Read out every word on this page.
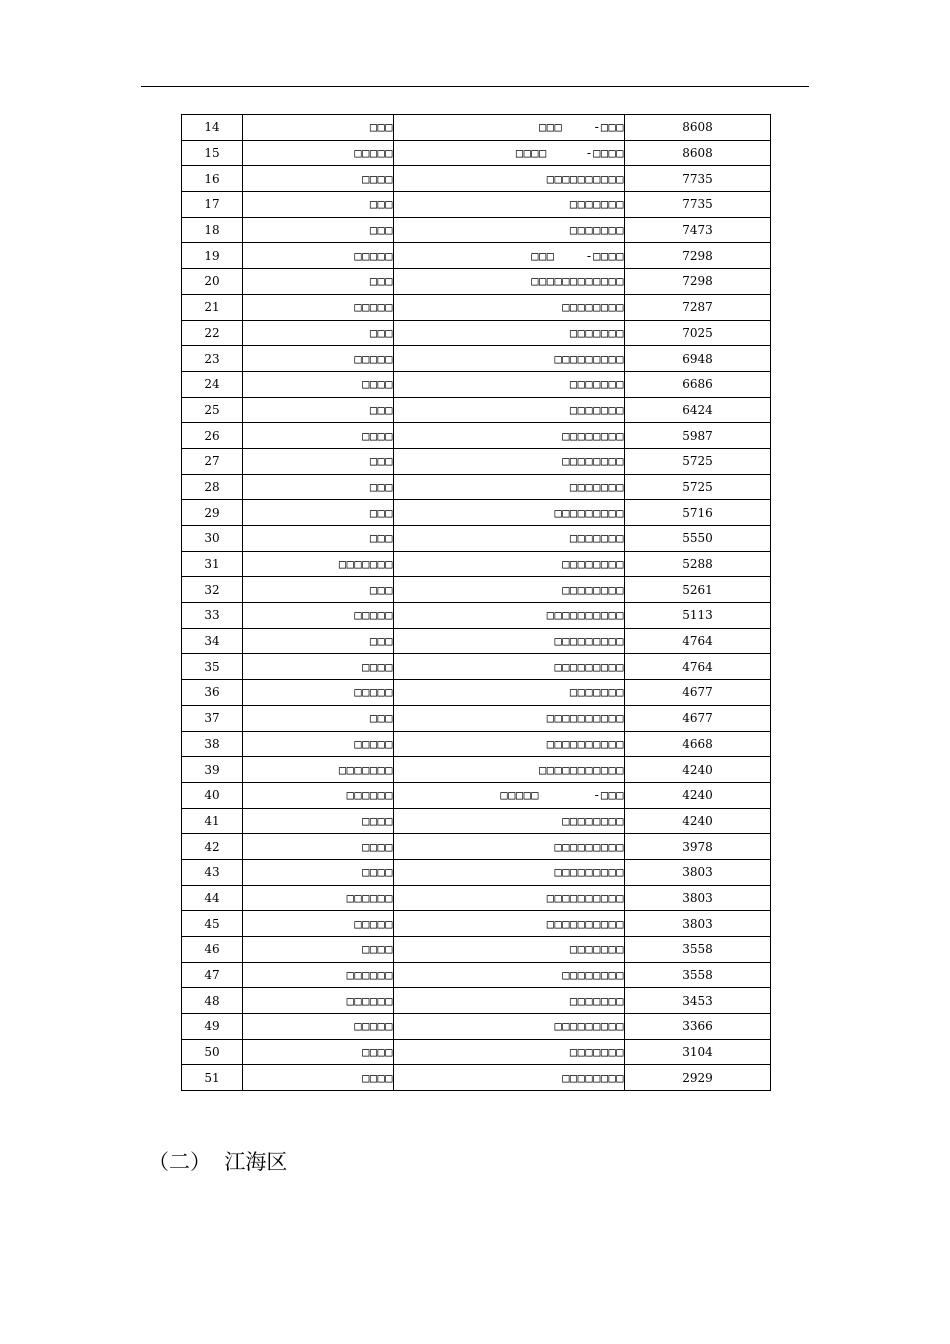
14	□□□	□□□    -□□□	8608
15	□□□□□	□□□□     -□□□□	8608
16	□□□□	□□□□□□□□□□	7735
17	□□□	□□□□□□□	7735
18	□□□	□□□□□□□	7473
19	□□□□□	□□□    -□□□□	7298
20	□□□	□□□□□□□□□□□□	7298
21	□□□□□	□□□□□□□□	7287
22	□□□	□□□□□□□	7025
23	□□□□□	□□□□□□□□□	6948
24	□□□□	□□□□□□□	6686
25	□□□	□□□□□□□	6424
26	□□□□	□□□□□□□□	5987
27	□□□	□□□□□□□□	5725
28	□□□	□□□□□□□	5725
29	□□□	□□□□□□□□□	5716
30	□□□	□□□□□□□	5550
31	□□□□□□□	□□□□□□□□	5288
32	□□□	□□□□□□□□	5261
33	□□□□□	□□□□□□□□□□	5113
34	□□□	□□□□□□□□□	4764
35	□□□□	□□□□□□□□□	4764
36	□□□□□	□□□□□□□	4677
37	□□□	□□□□□□□□□□	4677
38	□□□□□	□□□□□□□□□□	4668
39	□□□□□□□	□□□□□□□□□□□	4240
40	□□□□□□	□□□□□       -□□□	4240
41	□□□□	□□□□□□□□	4240
42	□□□□	□□□□□□□□□	3978
43	□□□□	□□□□□□□□□	3803
44	□□□□□□	□□□□□□□□□□	3803
45	□□□□□	□□□□□□□□□□	3803
46	□□□□	□□□□□□□	3558
47	□□□□□□	□□□□□□□□	3558
48	□□□□□□	□□□□□□□	3453
49	□□□□□	□□□□□□□□□	3366
50	□□□□	□□□□□□□	3104
51	□□□□	□□□□□□□□	2929
（二）  江海区
